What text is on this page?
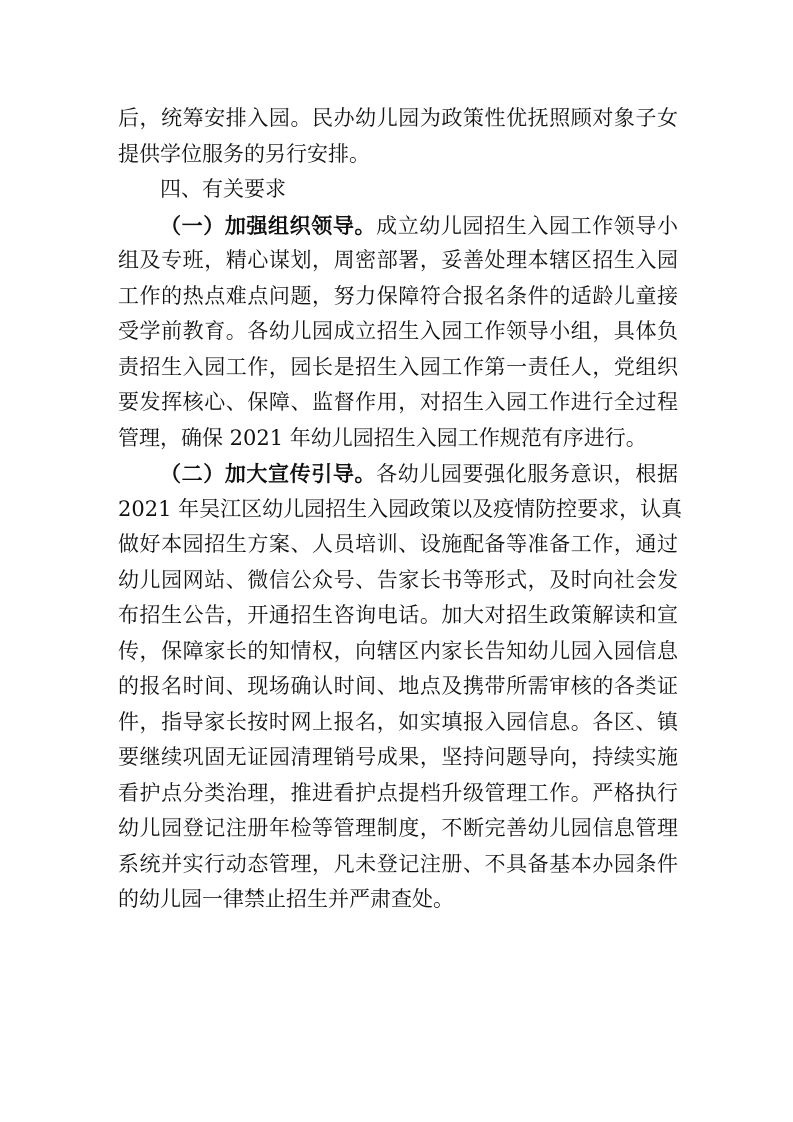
后，统筹安排入园。民办幼儿园为政策性优抚照顾对象子女
提供学位服务的另行安排。
四、有关要求
（一）加强组织领导。成立幼儿园招生入园工作领导小
组及专班，精心谋划，周密部署，妥善处理本辖区招生入园
工作的热点难点问题，努力保障符合报名条件的适龄儿童接
受学前教育。各幼儿园成立招生入园工作领导小组，具体负
责招生入园工作，园长是招生入园工作第一责任人，党组织
要发挥核心、保障、监督作用，对招生入园工作进行全过程
管理，确保 2021 年幼儿园招生入园工作规范有序进行。
（二）加大宣传引导。各幼儿园要强化服务意识，根据
2021 年吴江区幼儿园招生入园政策以及疫情防控要求，认真
做好本园招生方案、人员培训、设施配备等准备工作，通过
幼儿园网站、微信公众号、告家长书等形式，及时向社会发
布招生公告，开通招生咨询电话。加大对招生政策解读和宣
传，保障家长的知情权，向辖区内家长告知幼儿园入园信息
的报名时间、现场确认时间、地点及携带所需审核的各类证
件，指导家长按时网上报名，如实填报入园信息。各区、镇
要继续巩固无证园清理销号成果，坚持问题导向，持续实施
看护点分类治理，推进看护点提档升级管理工作。严格执行
幼儿园登记注册年检等管理制度，不断完善幼儿园信息管理
系统并实行动态管理，凡未登记注册、不具备基本办园条件
的幼儿园一律禁止招生并严肃查处。
